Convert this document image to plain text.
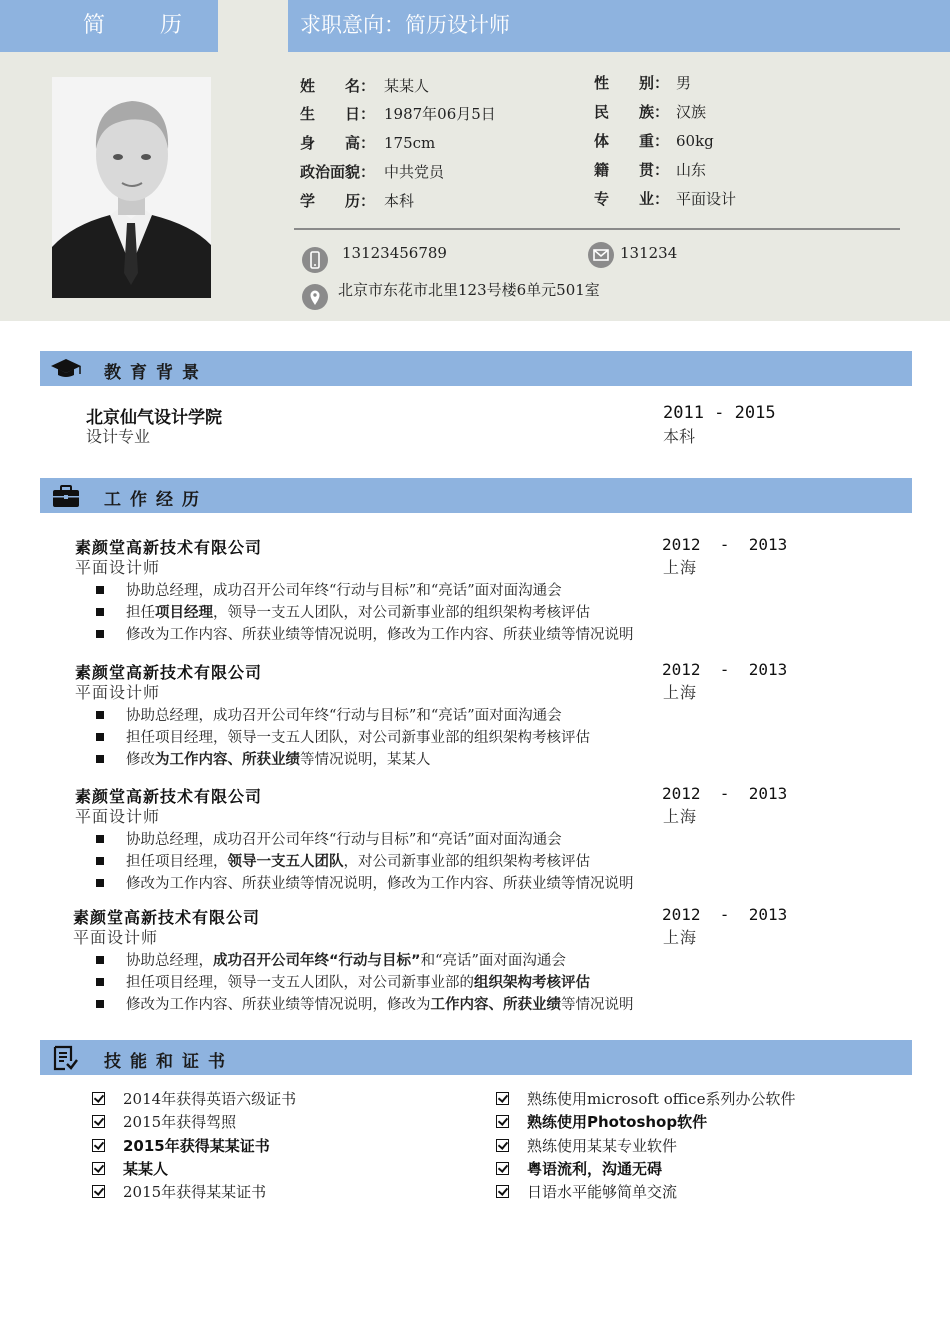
简 历	求职意向：简历设计师
姓　　名： 某某人
生　　日： 1987年06月5日
身　　高： 175cm
政治面貌： 中共党员
学　　历： 本科
性　　别： 男
民　　族： 汉族
体　　重： 60kg
籍　　贯： 山东
专　　业： 平面设计
13123456789	131234
北京市东花市北里123号楼6单元501室
教育背景
北京仙气设计学院
设计专业
2011 - 2015
本科
工作经历
素颜堂高新技术有限公司
平面设计师
2012  -  2013
上海
协助总经理，成功召开公司年终“行动与目标”和“亮话”面对面沟通会
担任项目经理，领导一支五人团队，对公司新事业部的组织架构考核评估
修改为工作内容、所获业绩等情况说明，修改为工作内容、所获业绩等情况说明
素颜堂高新技术有限公司
平面设计师
2012  -  2013
上海
协助总经理，成功召开公司年终“行动与目标”和“亮话”面对面沟通会
担任项目经理，领导一支五人团队，对公司新事业部的组织架构考核评估
修改为工作内容、所获业绩等情况说明，某某人
素颜堂高新技术有限公司
平面设计师
2012  -  2013
上海
协助总经理，成功召开公司年终“行动与目标”和“亮话”面对面沟通会
担任项目经理，领导一支五人团队，对公司新事业部的组织架构考核评估
修改为工作内容、所获业绩等情况说明，修改为工作内容、所获业绩等情况说明
素颜堂高新技术有限公司
平面设计师
2012  -  2013
上海
协助总经理，成功召开公司年终“行动与目标”和“亮话”面对面沟通会
担任项目经理，领导一支五人团队，对公司新事业部的组织架构考核评估
修改为工作内容、所获业绩等情况说明，修改为工作内容、所获业绩等情况说明
技能和证书
2014年获得英语六级证书
2015年获得驾照
2015年获得某某证书
某某人
2015年获得某某证书
熟练使用microsoft office系列办公软件
熟练使用Photoshop软件
熟练使用某某专业软件
粤语流利，沟通无碍
日语水平能够简单交流
